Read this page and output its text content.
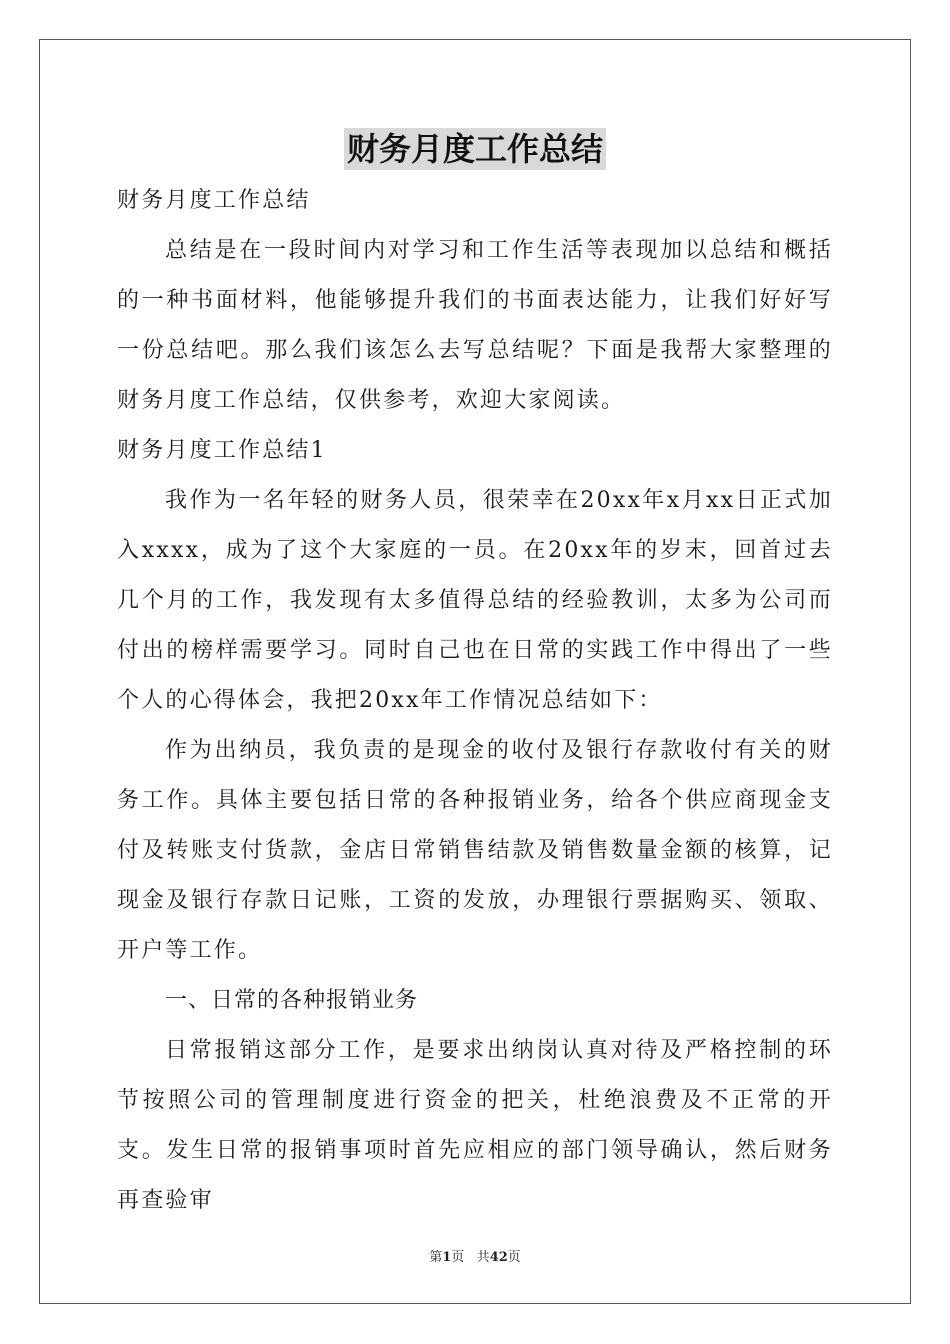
财务月度工作总结

财务月度工作总结

总结是在一段时间内对学习和工作生活等表现加以总结和概括的一种书面材料，他能够提升我们的书面表达能力，让我们好好写一份总结吧。那么我们该怎么去写总结呢？下面是我帮大家整理的财务月度工作总结，仅供参考，欢迎大家阅读。

财务月度工作总结1

我作为一名年轻的财务人员，很荣幸在20xx年x月xx日正式加入xxxx，成为了这个大家庭的一员。在20xx年的岁末，回首过去几个月的工作，我发现有太多值得总结的经验教训，太多为公司而付出的榜样需要学习。同时自己也在日常的实践工作中得出了一些个人的心得体会，我把20xx年工作情况总结如下：

作为出纳员，我负责的是现金的收付及银行存款收付有关的财务工作。具体主要包括日常的各种报销业务，给各个供应商现金支付及转账支付货款，金店日常销售结款及销售数量金额的核算，记现金及银行存款日记账，工资的发放，办理银行票据购买、领取、开户等工作。

一、日常的各种报销业务

日常报销这部分工作，是要求出纳岗认真对待及严格控制的环节按照公司的管理制度进行资金的把关，杜绝浪费及不正常的开支。发生日常的报销事项时首先应相应的部门领导确认，然后财务再查验审

第1页 共42页
